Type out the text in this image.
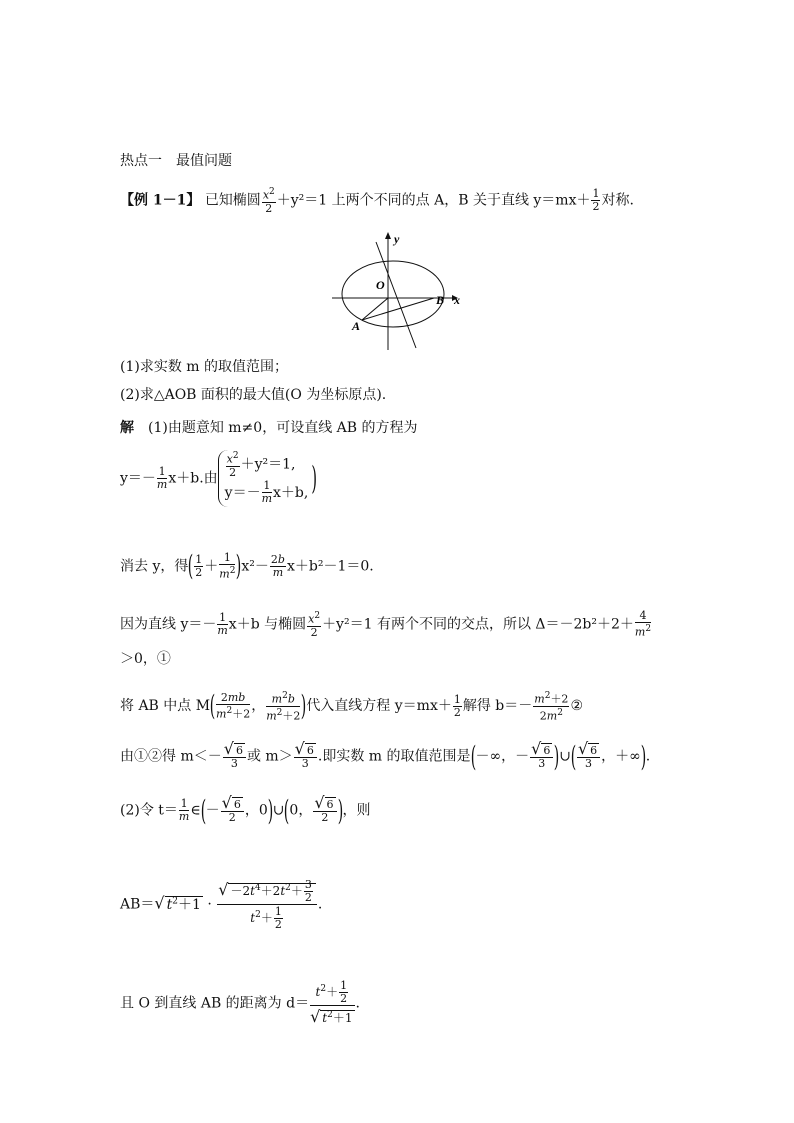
热点一　最值问题
【例 1－1】 已知椭圆 $\frac{x^2}{2} +y^2=1$ 上两个不同的点 A，B 关于直线 $y=mx+ \frac{1}{2}$ 对称.
y
x
O
A
B
(1)求实数 m 的取值范围；
(2)求△AOB 面积的最大值(O 为坐标原点).
解　 (1)由题意知 m≠0，可设直线 AB 的方程为
$y=- \frac{1}{m} x+b$.由 $\frac{x^2}{2} +y^2=1$,
$y=- \frac{1}{m} x+b$, )
消去 y，得( $\frac{1}{2} + \frac{1}{m^2} )x^2- \frac{2b}{m} x+b^2-1=0$.
因为直线 $y=- \frac{1}{m} x+b$ 与椭圆 $\frac{x^2}{2} +y^2=1$ 有两个不同的交点，所以 $\Delta=-2b^2+2+ \frac{4}{m^2}$
＞0，①
将 AB 中点 $M( \frac{2mb}{m^2+2}$ ， $\frac{m^2b}{m^2+2}$ )代入直线方程 $y=mx+ \frac{1}{2}$ 解得 $b=- \frac{m^2+2}{2m^2}$ ②
由①②得 $m<- \frac{√ 6}{3}$ 或 $m> \frac{√ 6}{3}$ .即实数 m 的取值范围是(－∞，－ $\frac{√ 6}{3}$ )∪( $\frac{√ 6}{3}$ ，＋∞).
(2)令 $t= \frac{1}{m}$ ∈(－ $\frac{√ 6}{2}$ ，0)∪(0， $\frac{√ 6}{2}$ )，则
AB＝√ $t^2+1 \cdot \frac{√ -2t^4+2t^2+ \frac{3}{2}}{t^2+ \frac{1}{2}}$ .
且 O 到直线 AB 的距离为 $d= \frac{t^2+ \frac{1}{2}}{√ t^2+1}$ .
